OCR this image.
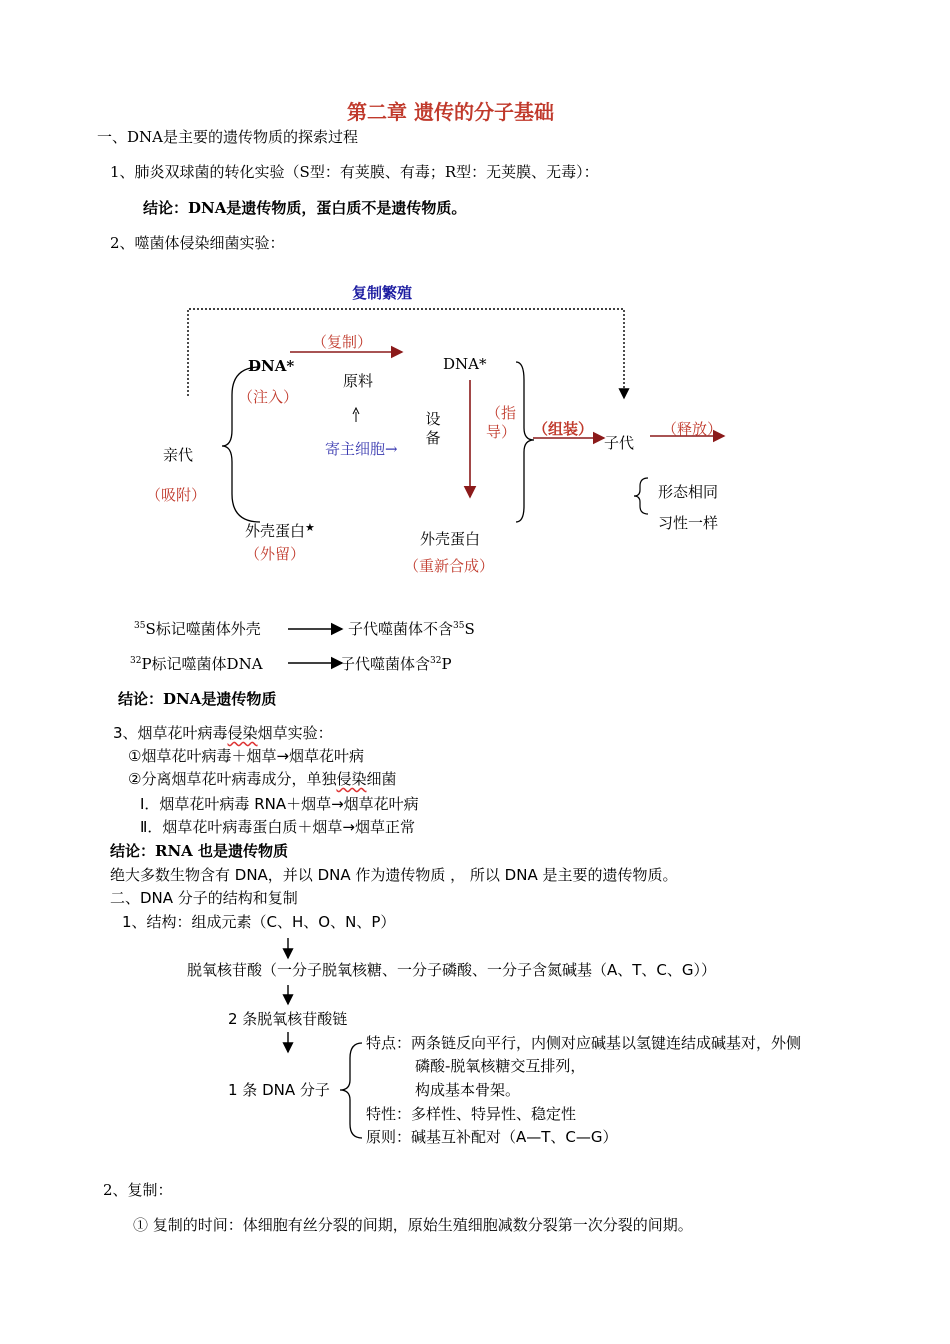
第二章 遗传的分子基础
一、DNA是主要的遗传物质的探索过程
1、肺炎双球菌的转化实验（S型：有荚膜、有毒；R型：无荚膜、无毒）：
结论：DNA是遗传物质，蛋白质不是遗传物质。
2、噬菌体侵染细菌实验：
复制繁殖
DNA*
（复制）
DNA*
原料
（注入）
寄主细胞→
设备
（指导） （组装）
子代
（释放）
亲代
（吸附）	形态相同
习性一样
外壳蛋白★
（外留）
外壳蛋白
（重新合成）
$^{35}$S标记噬菌体外壳	子代噬菌体不含$^{35}$S
$^{32}$P标记噬菌体DNA	子代噬菌体含$^{32}$P
结论：DNA是遗传物质
3、烟草花叶病毒侵染烟草实验：
①烟草花叶病毒＋烟草→烟草花叶病
②分离烟草花叶病毒成分，单独侵染细菌
Ⅰ．烟草花叶病毒 RNA＋烟草→烟草花叶病
Ⅱ．烟草花叶病毒蛋白质＋烟草→烟草正常
结论：RNA 也是遗传物质
绝大多数生物含有 DNA，并以 DNA 作为遗传物质 ， 所以 DNA 是主要的遗传物质。
二、DNA 分子的结构和复制
1、结构：组成元素（C、H、O、N、P）
脱氧核苷酸（一分子脱氧核糖、一分子磷酸、一分子含氮碱基（A、T、C、G））
2 条脱氧核苷酸链
1 条 DNA 分子
特点：两条链反向平行，内侧对应碱基以氢键连结成碱基对，外侧
磷酸-脱氧核糖交互排列，
构成基本骨架。
特性：多样性、特异性、稳定性
原则：碱基互补配对（A—T、C—G）
2、复制：
① 复制的时间：体细胞有丝分裂的间期，原始生殖细胞减数分裂第一次分裂的间期。
